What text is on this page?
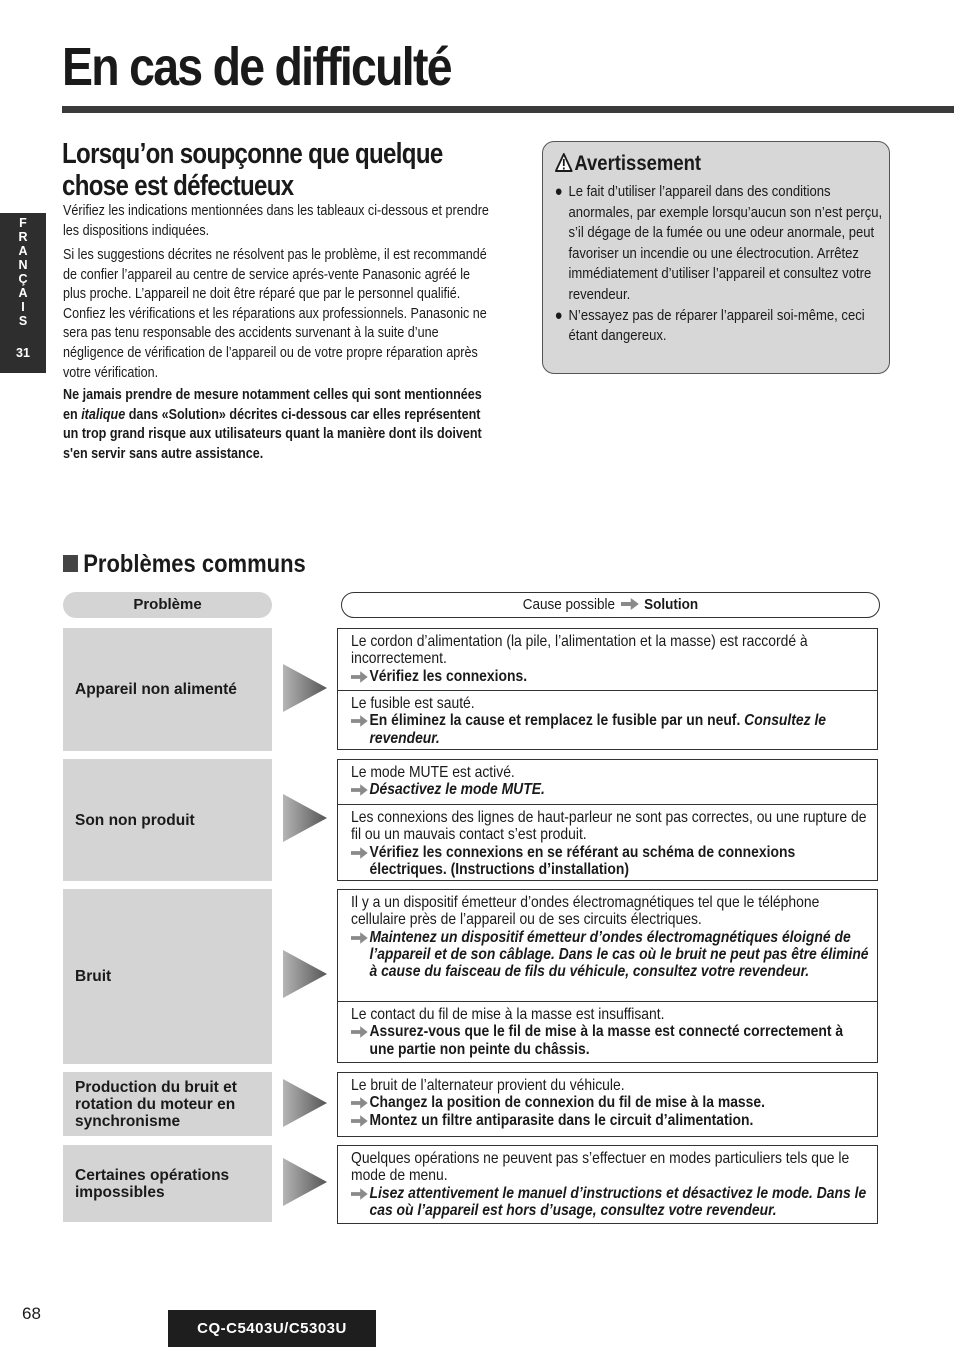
En cas de difficulté
F
R
A
N
Ç
A
I
S
31
Lorsqu’on soupçonne que quelque
chose est défectueux

Vérifiez les indications mentionnées dans les tableaux ci-dessous et prendre les dispositions indiquées.

Si les suggestions décrites ne résolvent pas le problème, il est recommandé de confier l’appareil au centre de service aprés-vente Panasonic agréé le plus proche. L’appareil ne doit être réparé que par le personnel qualifié. Confiez les vérifications et les réparations aux professionnels. Panasonic ne sera pas tenu responsable des accidents survenant à la suite d’une négligence de vérification de l’appareil ou de votre propre réparation après votre vérification.

Ne jamais prendre de mesure notamment celles qui sont mentionnées en italique dans «Solution» décrites ci-dessous car elles représentent un trop grand risque aux utilisateurs quant la manière dont ils doivent s'en servir sans autre assistance.

Avertissement

● Le fait d’utiliser l’appareil dans des conditions anormales, par exemple lorsqu’aucun son n’est perçu, s’il dégage de la fumée ou une odeur anormale, peut favoriser un incendie ou une électrocution. Arrêtez immédiatement d’utiliser l’appareil et consultez votre revendeur.

● N’essayez pas de réparer l’appareil soi-même, ceci étant dangereux.

Problèmes communs
Problème	Cause possible Solution
Appareil non alimenté
Le cordon d’alimentation (la pile, l’alimentation et la masse) est raccordé à incorrectement.
Vérifiez les connexions.
Le fusible est sauté.
En éliminez la cause et remplacez le fusible par un neuf. Consultez le revendeur.
Son non produit
Le mode MUTE est activé.
Désactivez le mode MUTE.
Les connexions des lignes de haut-parleur ne sont pas correctes, ou une rupture de fil ou un mauvais contact s’est produit.
Vérifiez les connexions en se référant au schéma de connexions électriques. (Instructions d’installation)
Bruit
Il y a un dispositif émetteur d’ondes électromagnétiques tel que le téléphone cellulaire près de l’appareil ou de ses circuits électriques.
Maintenez un dispositif émetteur d’ondes électromagnétiques éloigné de l’appareil et de son câblage. Dans le cas où le bruit ne peut pas être éliminé à cause du faisceau de fils du véhicule, consultez votre revendeur.
Le contact du fil de mise à la masse est insuffisant.
Assurez-vous que le fil de mise à la masse est connecté correctement à une partie non peinte du châssis.
Production du bruit et rotation du moteur en synchronisme
Le bruit de l’alternateur provient du véhicule.
Changez la position de connexion du fil de mise à la masse.
Montez un filtre antiparasite dans le circuit d’alimentation.
Certaines opérations impossibles
Quelques opérations ne peuvent pas s’effectuer en modes particuliers tels que le mode de menu.
Lisez attentivement le manuel d’instructions et désactivez le mode. Dans le cas où l’appareil est hors d’usage, consultez votre revendeur.
68
CQ-C5403U/C5303U
